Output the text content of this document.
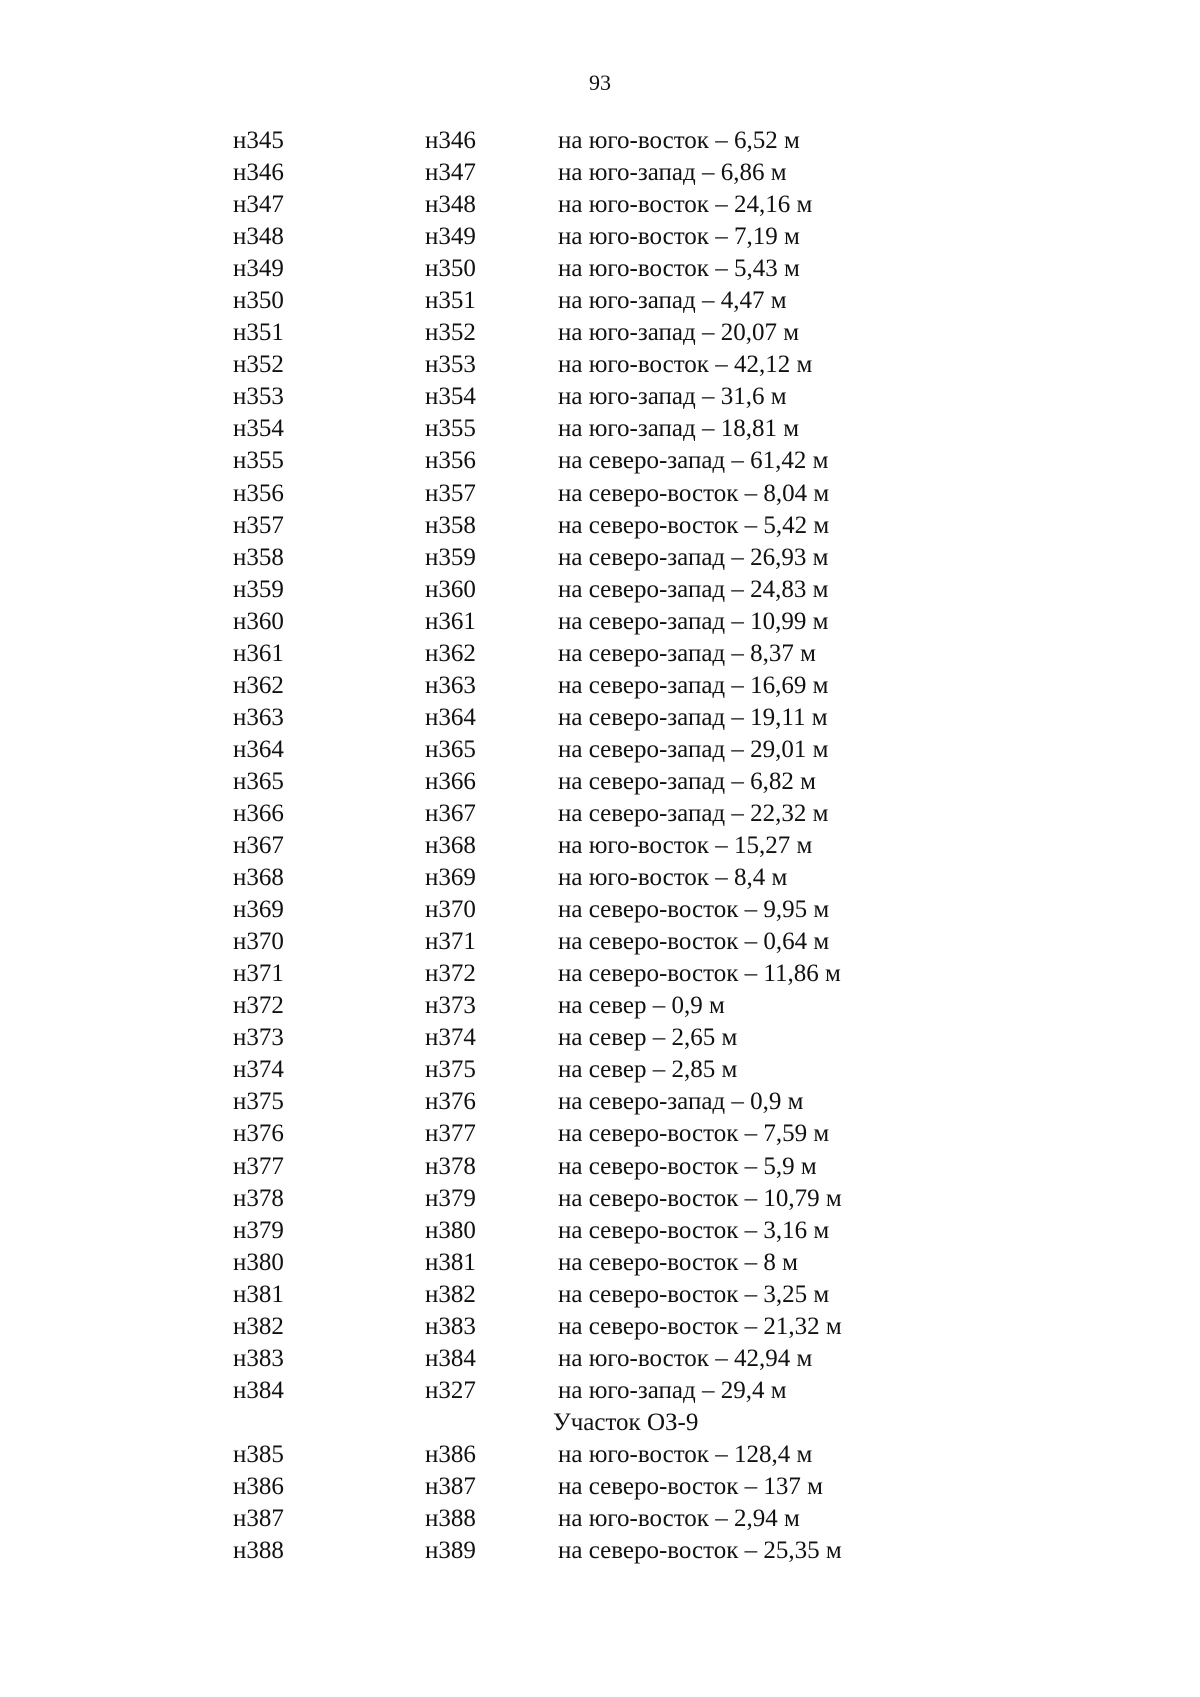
93
н345	н346	на юго-восток – 6,52 м
н346	н347	на юго-запад – 6,86 м
н347	н348	на юго-восток – 24,16 м
н348	н349	на юго-восток – 7,19 м
н349	н350	на юго-восток – 5,43 м
н350	н351	на юго-запад – 4,47 м
н351	н352	на юго-запад – 20,07 м
н352	н353	на юго-восток – 42,12 м
н353	н354	на юго-запад – 31,6 м
н354	н355	на юго-запад – 18,81 м
н355	н356	на северо-запад – 61,42 м
н356	н357	на северо-восток – 8,04 м
н357	н358	на северо-восток – 5,42 м
н358	н359	на северо-запад – 26,93 м
н359	н360	на северо-запад – 24,83 м
н360	н361	на северо-запад – 10,99 м
н361	н362	на северо-запад – 8,37 м
н362	н363	на северо-запад – 16,69 м
н363	н364	на северо-запад – 19,11 м
н364	н365	на северо-запад – 29,01 м
н365	н366	на северо-запад – 6,82 м
н366	н367	на северо-запад – 22,32 м
н367	н368	на юго-восток – 15,27 м
н368	н369	на юго-восток – 8,4 м
н369	н370	на северо-восток – 9,95 м
н370	н371	на северо-восток – 0,64 м
н371	н372	на северо-восток – 11,86 м
н372	н373	на север – 0,9 м
н373	н374	на север – 2,65 м
н374	н375	на север – 2,85 м
н375	н376	на северо-запад – 0,9 м
н376	н377	на северо-восток – 7,59 м
н377	н378	на северо-восток – 5,9 м
н378	н379	на северо-восток – 10,79 м
н379	н380	на северо-восток – 3,16 м
н380	н381	на северо-восток – 8 м
н381	н382	на северо-восток – 3,25 м
н382	н383	на северо-восток – 21,32 м
н383	н384	на юго-восток – 42,94 м
н384	н327	на юго-запад – 29,4 м
Участок ОЗ-9
н385	н386	на юго-восток – 128,4 м
н386	н387	на северо-восток – 137 м
н387	н388	на юго-восток – 2,94 м
н388	н389	на северо-восток – 25,35 м
